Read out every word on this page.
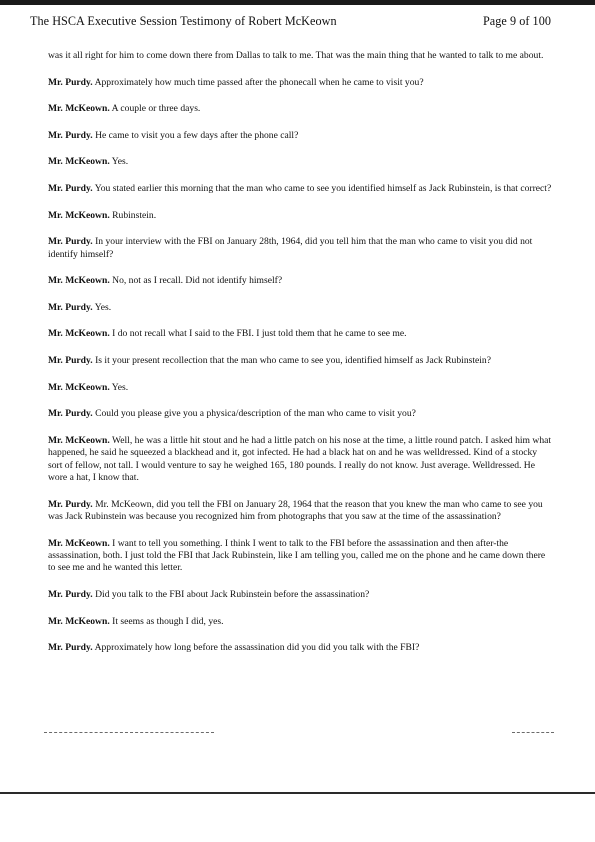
The HSCA Executive Session Testimony of Robert McKeown	Page 9 of 100

was it all right for him to come down there from Dallas to talk to me. That was the main thing that he wanted to talk to me about.

Mr. Purdy. Approximately how much time passed after the phonecall when he came to visit you?

Mr. McKeown. A couple or three days.

Mr. Purdy. He came to visit you a few days after the phone call?

Mr. McKeown. Yes.

Mr. Purdy. You stated earlier this morning that the man who came to see you identified himself as Jack Rubinstein, is that correct?

Mr. McKeown. Rubinstein.

Mr. Purdy. In your interview with the FBI on January 28th, 1964, did you tell him that the man who came to visit you did not identify himself?

Mr. McKeown. No, not as I recall. Did not identify himself?

Mr. Purdy. Yes.

Mr. McKeown. I do not recall what I said to the FBI. I just told them that he came to see me.

Mr. Purdy. Is it your present recollection that the man who came to see you, identified himself as Jack Rubinstein?

Mr. McKeown. Yes.

Mr. Purdy. Could you please give you a physica/description of the man who came to visit you?

Mr. McKeown. Well, he was a little hit stout and he had a little patch on his nose at the time, a little round patch. I asked him what happened, he said he squeezed a blackhead and it, got infected. He had a black hat on and he was welldressed. Kind of a stocky sort of fellow, not tall. I would venture to say he weighed 165, 180 pounds. I really do not know. Just average. Welldressed. He wore a hat, I know that.

Mr. Purdy. Mr. McKeown, did you tell the FBI on January 28, 1964 that the reason that you knew the man who came to see you was Jack Rubinstein was because you recognized him from photographs that you saw at the time of the assassination?

Mr. McKeown. I want to tell you something. I think I went to talk to the FBI before the assassination and then after-the assassination, both. I just told the FBI that Jack Rubinstein, like I am telling you, called me on the phone and he came down there to see me and he wanted this letter.

Mr. Purdy. Did you talk to the FBI about Jack Rubinstein before the assassination?

Mr. McKeown. It seems as though I did, yes.

Mr. Purdy. Approximately how long before the assassination did you did you talk with the FBI?
